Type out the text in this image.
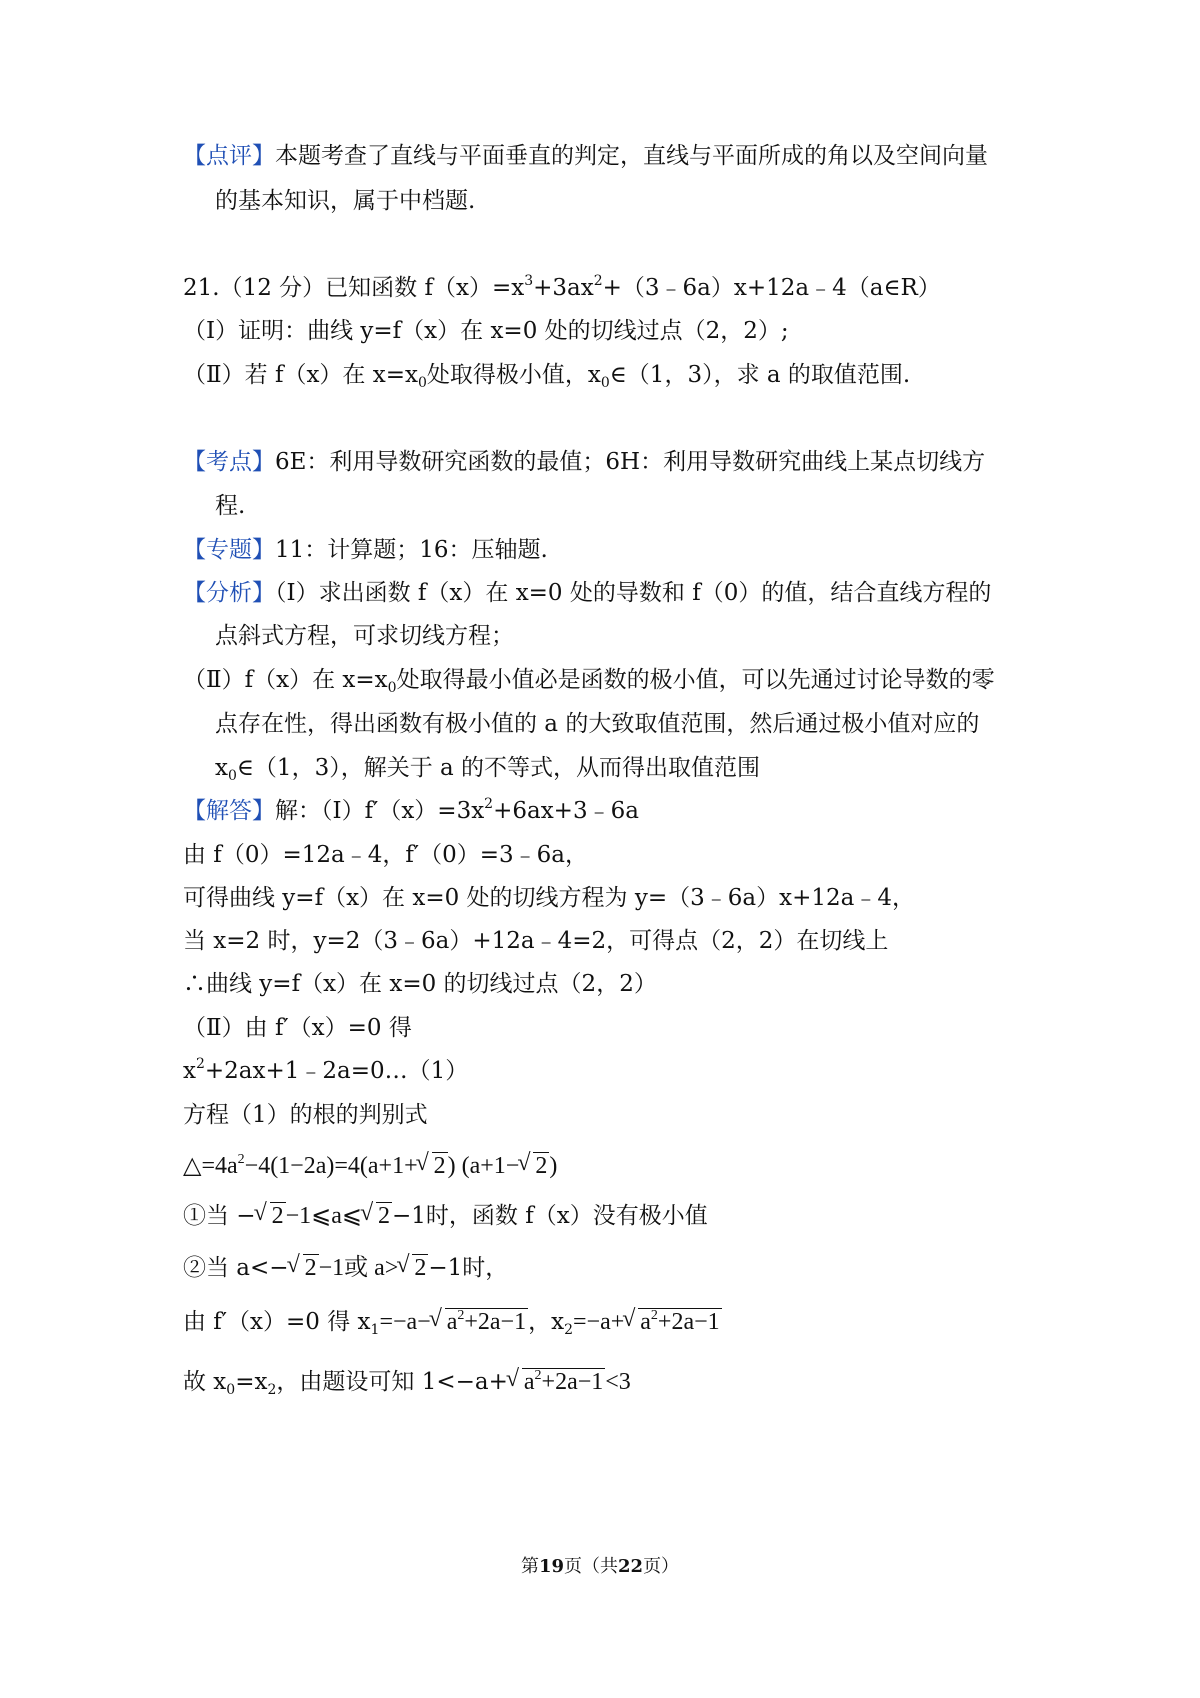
【点评】本题考查了直线与平面垂直的判定，直线与平面所成的角以及空间向量
的基本知识，属于中档题.
21.（12 分）已知函数 $f(x)=x^3+3ax^2+(3﹣6a)x+12a﹣4(a\in R)$
（Ⅰ）证明：曲线 y=f（x）在 x=0 处的切线过点（2，2）;
（Ⅱ）若 f（x）在 $x=x_0$处取得极小值，$x_0\in(1$，3），求 a 的取值范围.
【考点】6E：利用导数研究函数的最值；6H：利用导数研究曲线上某点切线方
程.
【专题】11：计算题；16：压轴题.
【分析】（Ⅰ）求出函数 f（x）在 x=0 处的导数和 f（0）的值，结合直线方程的
点斜式方程，可求切线方程；
（Ⅱ）f（x）在 $x=x_0$处取得最小值必是函数的极小值，可以先通过讨论导数的零
点存在性，得出函数有极小值的 a 的大致取值范围，然后通过极小值对应的
$x_0\in(1$，3），解关于 a 的不等式，从而得出取值范围
【解答】解：$(Ⅰ)f'(x)=3x^2+6ax+3﹣6a$
由 f（0）=12a﹣4，f′（0）=3﹣6a，
可得曲线 y=f（x）在 x=0 处的切线方程为 y=（3﹣6a）x+12a﹣4，
当 x=2 时，y=2（3﹣6a）+12a﹣4=2，可得点（2，2）在切线上
∴曲线 y=f（x）在 x=0 的切线过点（2，2）
（Ⅱ）由 f′（x）=0 得
$x^2+2ax+1﹣2a=0\dots(1)$
方程（1）的根的判别式
$\triangle=4a^2-4(1-2a)=4(a+1+√$ 2) (a+1−√ 2)
①当 −√ 2−1⩽a⩽√ 2−1时，函数 f（x）没有极小值
②当 a<−√ 2−1或 a>√ 2−1时，
由 f′（x）=0 得 $x_1=-a-√$ $a^2+2a-1$，$x_2=-a+√$ $a^2+2a-1$
故 $x_0=x_2$，由题设可知 1<−a+√ $a^2+2a-1<3$
第19页（共22页）
